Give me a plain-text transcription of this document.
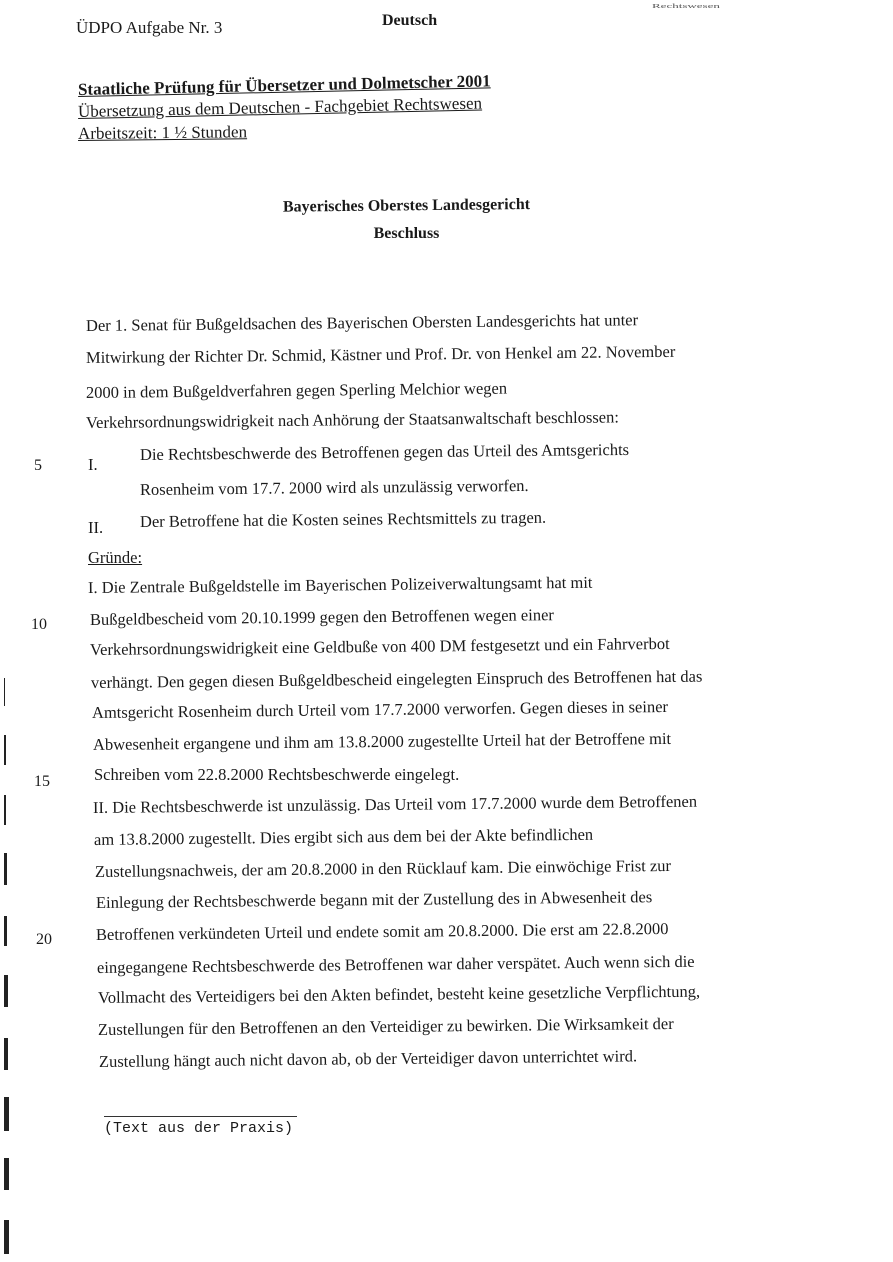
ÜDPO Aufgabe Nr. 3	Deutsch
Rechtswesen
Staatliche Prüfung für Übersetzer und Dolmetscher 2001
Übersetzung aus dem Deutschen - Fachgebiet Rechtswesen
Arbeitszeit: 1 ½ Stunden
Bayerisches Oberstes Landesgericht
Beschluss
Der 1. Senat für Bußgeldsachen des Bayerischen Obersten Landesgerichts hat unter
Mitwirkung der Richter Dr. Schmid, Kästner und Prof. Dr. von Henkel am 22. November
2000 in dem Bußgeldverfahren gegen Sperling Melchior wegen
Verkehrsordnungswidrigkeit nach Anhörung der Staatsanwaltschaft beschlossen:
I.
Die Rechtsbeschwerde des Betroffenen gegen das Urteil des Amtsgerichts
Rosenheim vom 17.7. 2000 wird als unzulässig verworfen.
II. Der Betroffene hat die Kosten seines Rechtsmittels zu tragen.
Gründe:
I. Die Zentrale Bußgeldstelle im Bayerischen Polizeiverwaltungsamt hat mit
Bußgeldbescheid vom 20.10.1999 gegen den Betroffenen wegen einer
Verkehrsordnungswidrigkeit eine Geldbuße von 400 DM festgesetzt und ein Fahrverbot
verhängt. Den gegen diesen Bußgeldbescheid eingelegten Einspruch des Betroffenen hat das
Amtsgericht Rosenheim durch Urteil vom 17.7.2000 verworfen. Gegen dieses in seiner
Abwesenheit ergangene und ihm am 13.8.2000 zugestellte Urteil hat der Betroffene mit
Schreiben vom 22.8.2000 Rechtsbeschwerde eingelegt.
II. Die Rechtsbeschwerde ist unzulässig. Das Urteil vom 17.7.2000 wurde dem Betroffenen
am 13.8.2000 zugestellt. Dies ergibt sich aus dem bei der Akte befindlichen
Zustellungsnachweis, der am 20.8.2000 in den Rücklauf kam. Die einwöchige Frist zur
Einlegung der Rechtsbeschwerde begann mit der Zustellung des in Abwesenheit des
Betroffenen verkündeten Urteil und endete somit am 20.8.2000. Die erst am 22.8.2000
eingegangene Rechtsbeschwerde des Betroffenen war daher verspätet. Auch wenn sich die
Vollmacht des Verteidigers bei den Akten befindet, besteht keine gesetzliche Verpflichtung,
Zustellungen für den Betroffenen an den Verteidiger zu bewirken. Die Wirksamkeit der
Zustellung hängt auch nicht davon ab, ob der Verteidiger davon unterrichtet wird.
5
10
15
20
(Text aus der Praxis)
